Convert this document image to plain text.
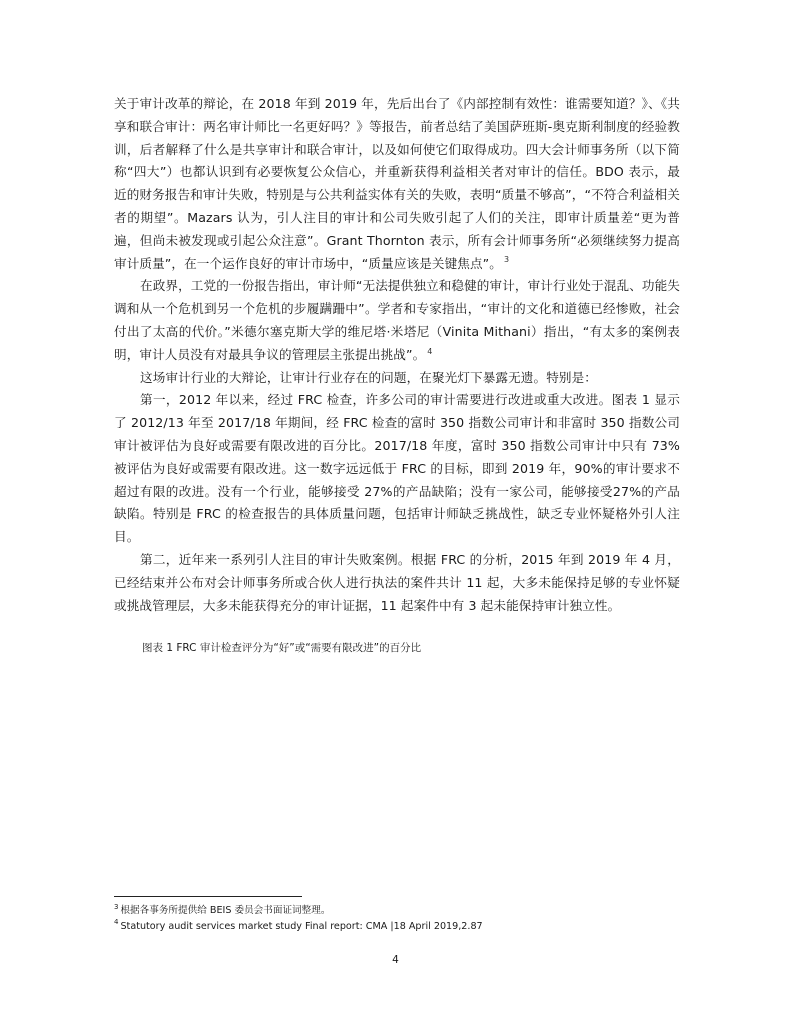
关于审计改革的辩论，在 2018 年到 2019 年，先后出台了《内部控制有效性：谁需要知道？》、《共享和联合审计：两名审计师比一名更好吗？》等报告，前者总结了美国萨班斯-奥克斯利制度的经验教训，后者解释了什么是共享审计和联合审计，以及如何使它们取得成功。四大会计师事务所（以下简称“四大”）也都认识到有必要恢复公众信心，并重新获得利益相关者对审计的信任。BDO 表示，最近的财务报告和审计失败，特别是与公共利益实体有关的失败，表明“质量不够高”，“不符合利益相关者的期望”。Mazars 认为，引人注目的审计和公司失败引起了人们的关注，即审计质量差“更为普遍，但尚未被发现或引起公众注意”。Grant Thornton 表示，所有会计师事务所“必须继续努力提高审计质量”，在一个运作良好的审计市场中，“质量应该是关键焦点”。 $^3$

在政界，工党的一份报告指出，审计师“无法提供独立和稳健的审计，审计行业处于混乱、功能失调和从一个危机到另一个危机的步履蹒跚中”。学者和专家指出，“审计的文化和道德已经惨败，社会付出了太高的代价。”米德尔塞克斯大学的维尼塔·米塔尼（Vinita Mithani）指出，“有太多的案例表明，审计人员没有对最具争议的管理层主张提出挑战”。 $^4$

这场审计行业的大辩论，让审计行业存在的问题，在聚光灯下暴露无遗。特别是：

第一，2012 年以来，经过 FRC 检查，许多公司的审计需要进行改进或重大改进。图表 1 显示了 2012/13 年至 2017/18 年期间，经 FRC 检查的富时 350 指数公司审计和非富时 350 指数公司审计被评估为良好或需要有限改进的百分比。2017/18 年度，富时 350 指数公司审计中只有 73%被评估为良好或需要有限改进。这一数字远远低于 FRC 的目标，即到 2019 年，90%的审计要求不超过有限的改进。没有一个行业，能够接受 27%的产品缺陷；没有一家公司，能够接受27%的产品缺陷。特别是 FRC 的检查报告的具体质量问题，包括审计师缺乏挑战性，缺乏专业怀疑格外引人注目。

第二，近年来一系列引人注目的审计失败案例。根据 FRC 的分析，2015 年到 2019 年 4 月，已经结束并公布对会计师事务所或合伙人进行执法的案件共计 11 起，大多未能保持足够的专业怀疑或挑战管理层，大多未能获得充分的审计证据，11 起案件中有 3 起未能保持审计独立性。

图表 1 FRC 审计检查评分为“好”或“需要有限改进”的百分比
$^3$ 根据各事务所提供给 BEIS 委员会书面证词整理。
$^4$ Statutory audit services market study Final report: CMA |18 April 2019,2.87
4
